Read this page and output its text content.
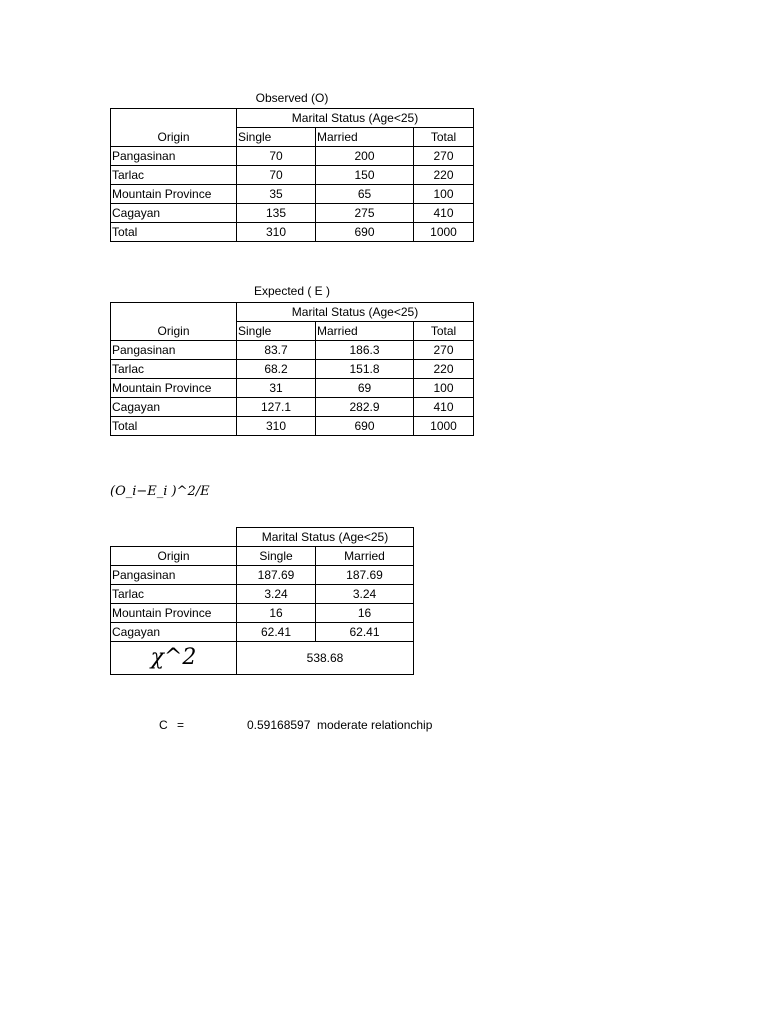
Observed (O)
Origin	Marital Status (Age<25)		
	Single	Married	Total
Pangasinan	70	200	270
Tarlac	70	150	220
Mountain Province	35	65	100
Cagayan	135	275	410
Total	310	690	1000
Expected ( E )
Origin	Marital Status (Age<25)		
	Single	Married	Total
Pangasinan	83.7	186.3	270
Tarlac	68.2	151.8	220
Mountain Province	31	69	100
Cagayan	127.1	282.9	410
Total	310	690	1000
(O_i−E_i )^2/E
	Marital Status (Age<25)	
Origin	Single	Married
Pangasinan	187.69	187.69
Tarlac	3.24	3.24
Mountain Province	16	16
Cagayan	62.41	62.41
χ^2	538.68	
C =	0.59168597 moderate relationchip
